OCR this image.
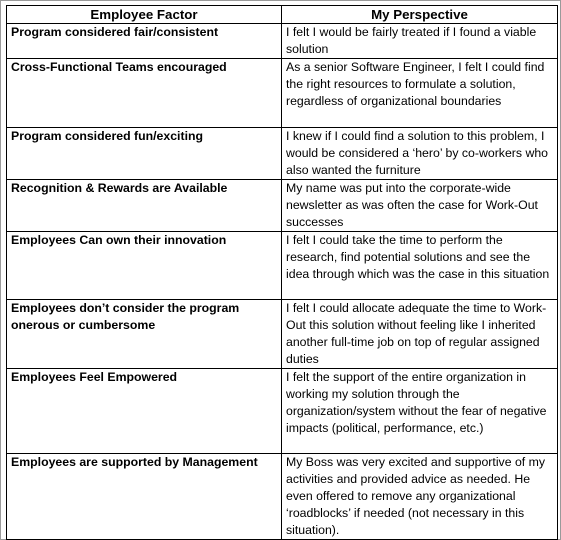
Employee Factor	My Perspective
Program considered fair/consistent	I felt I would be fairly treated if I found a viable solution
Cross-Functional Teams encouraged	As a senior Software Engineer, I felt I could find the right resources to formulate a solution, regardless of organizational boundaries
Program considered fun/exciting	I knew if I could find a solution to this problem, I would be considered a ‘hero’ by co-workers who also wanted the furniture
Recognition & Rewards are Available	My name was put into the corporate-wide newsletter as was often the case for Work-Out successes
Employees Can own their innovation	I felt I could take the time to perform the research, find potential solutions and see the idea through which was the case in this situation
Employees don’t consider the program onerous or cumbersome	I felt I could allocate adequate the time to Work-Out this solution without feeling like I inherited another full-time job on top of regular assigned duties
Employees Feel Empowered	I felt the support of the entire organization in working my solution through the organization/system without the fear of negative impacts (political, performance, etc.)
Employees are supported by Management	My Boss was very excited and supportive of my activities and provided advice as needed. He even offered to remove any organizational ‘roadblocks’ if needed (not necessary in this situation).
